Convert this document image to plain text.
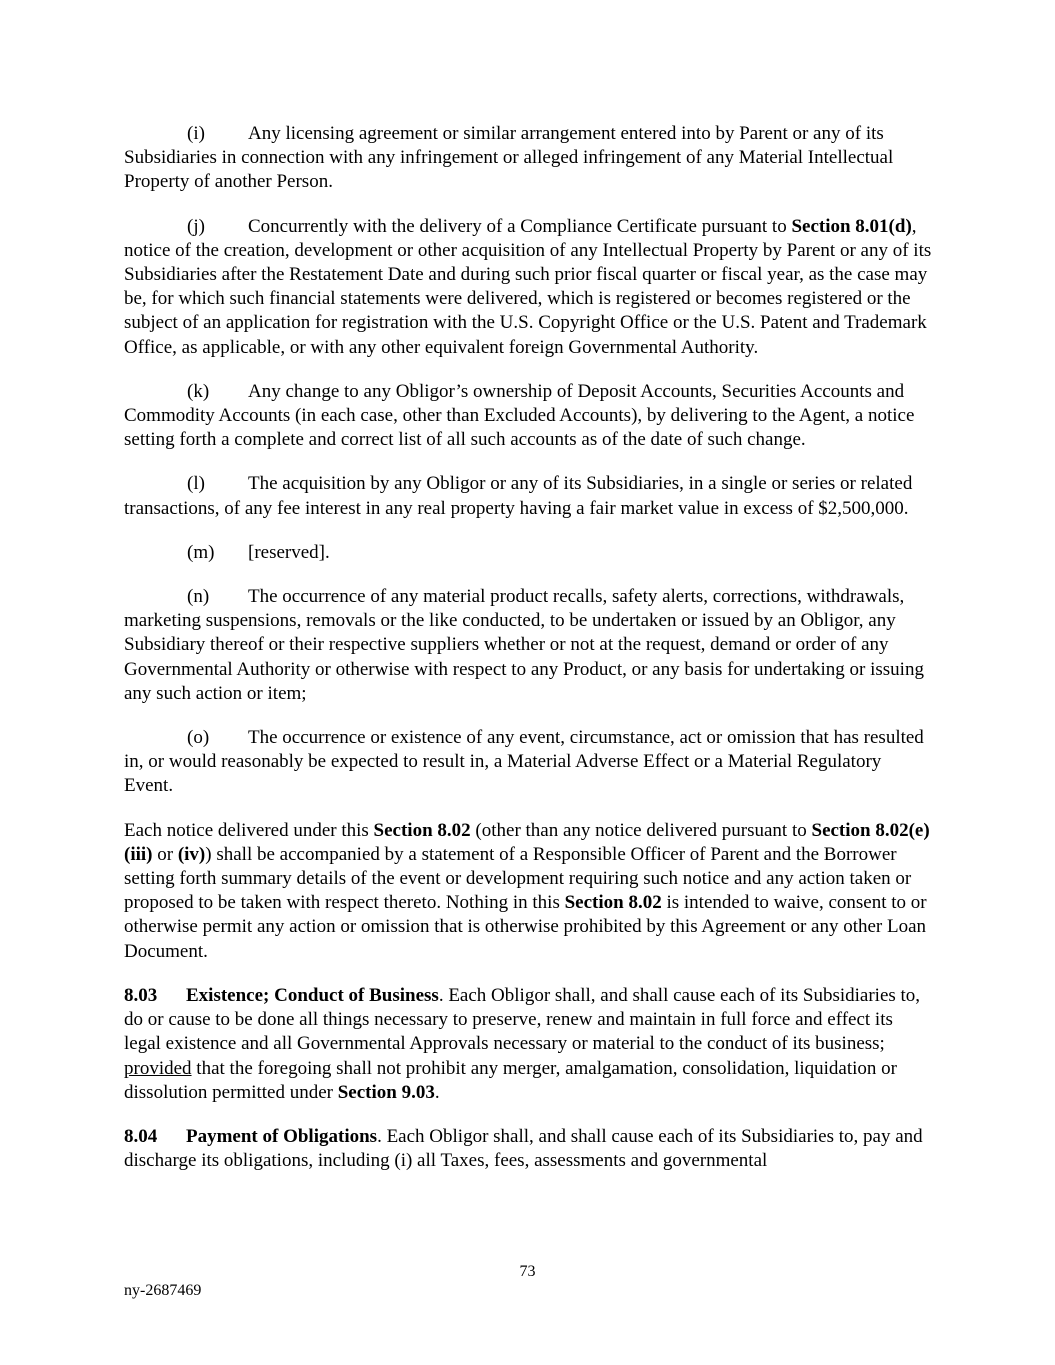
(i) Any licensing agreement or similar arrangement entered into by Parent or any of its Subsidiaries in connection with any infringement or alleged infringement of any Material Intellectual Property of another Person.

(j) Concurrently with the delivery of a Compliance Certificate pursuant to Section 8.01(d), notice of the creation, development or other acquisition of any Intellectual Property by Parent or any of its Subsidiaries after the Restatement Date and during such prior fiscal quarter or fiscal year, as the case may be, for which such financial statements were delivered, which is registered or becomes registered or the subject of an application for registration with the U.S. Copyright Office or the U.S. Patent and Trademark Office, as applicable, or with any other equivalent foreign Governmental Authority.

(k) Any change to any Obligor’s ownership of Deposit Accounts, Securities Accounts and Commodity Accounts (in each case, other than Excluded Accounts), by delivering to the Agent, a notice setting forth a complete and correct list of all such accounts as of the date of such change.

(l) The acquisition by any Obligor or any of its Subsidiaries, in a single or series or related transactions, of any fee interest in any real property having a fair market value in excess of $2,500,000.

(m) [reserved].

(n) The occurrence of any material product recalls, safety alerts, corrections, withdrawals, marketing suspensions, removals or the like conducted, to be undertaken or issued by an Obligor, any Subsidiary thereof or their respective suppliers whether or not at the request, demand or order of any Governmental Authority or otherwise with respect to any Product, or any basis for undertaking or issuing any such action or item;

(o) The occurrence or existence of any event, circumstance, act or omission that has resulted in, or would reasonably be expected to result in, a Material Adverse Effect or a Material Regulatory Event.

Each notice delivered under this Section 8.02 (other than any notice delivered pursuant to Section 8.02(e)(iii) or (iv)) shall be accompanied by a statement of a Responsible Officer of Parent and the Borrower setting forth summary details of the event or development requiring such notice and any action taken or proposed to be taken with respect thereto. Nothing in this Section 8.02 is intended to waive, consent to or otherwise permit any action or omission that is otherwise prohibited by this Agreement or any other Loan Document.

8.03 Existence; Conduct of Business. Each Obligor shall, and shall cause each of its Subsidiaries to, do or cause to be done all things necessary to preserve, renew and maintain in full force and effect its legal existence and all Governmental Approvals necessary or material to the conduct of its business; provided that the foregoing shall not prohibit any merger, amalgamation, consolidation, liquidation or dissolution permitted under Section 9.03.

8.04 Payment of Obligations. Each Obligor shall, and shall cause each of its Subsidiaries to, pay and discharge its obligations, including (i) all Taxes, fees, assessments and governmental

73
ny-2687469
